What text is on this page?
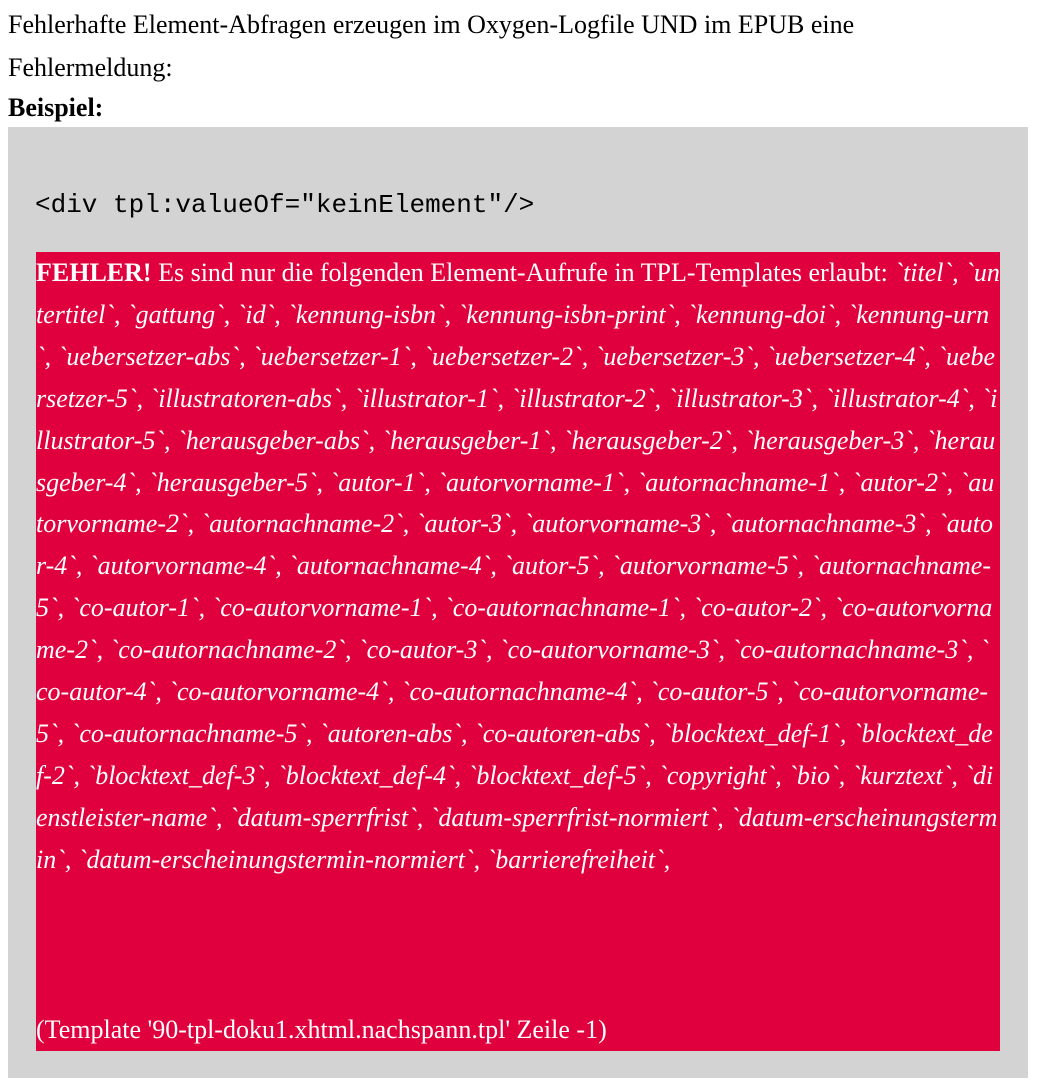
Fehlerhafte Element-Abfragen erzeugen im Oxygen-Logfile UND im EPUB eine Fehlermeldung:

Beispiel:

<div tpl:valueOf="keinElement"/>

FEHLER! Es sind nur die folgenden Element-Aufrufe in TPL-Templates erlaubt: `titel`, `untertitel`, `gattung`, `id`, `kennung-isbn`, `kennung-isbn-print`, `kennung-doi`, `kennung-urn`, `uebersetzer-abs`, `uebersetzer-1`, `uebersetzer-2`, `uebersetzer-3`, `uebersetzer-4`, `uebersetzer-5`, `illustratoren-abs`, `illustrator-1`, `illustrator-2`, `illustrator-3`, `illustrator-4`, `illustrator-5`, `herausgeber-abs`, `herausgeber-1`, `herausgeber-2`, `herausgeber-3`, `herausgeber-4`, `herausgeber-5`, `autor-1`, `autorvorname-1`, `autornachname-1`, `autor-2`, `autorvorname-2`, `autornachname-2`, `autor-3`, `autorvorname-3`, `autornachname-3`, `autor-4`, `autorvorname-4`, `autornachname-4`, `autor-5`, `autorvorname-5`, `autornachname-5`, `co-autor-1`, `co-autorvorname-1`, `co-autornachname-1`, `co-autor-2`, `co-autorvorname-2`, `co-autornachname-2`, `co-autor-3`, `co-autorvorname-3`, `co-autornachname-3`, `co-autor-4`, `co-autorvorname-4`, `co-autornachname-4`, `co-autor-5`, `co-autorvorname-5`, `co-autornachname-5`, `autoren-abs`, `co-autoren-abs`, `blocktext_def-1`, `blocktext_def-2`, `blocktext_def-3`, `blocktext_def-4`, `blocktext_def-5`, `copyright`, `bio`, `kurztext`, `dienstleister-name`, `datum-sperrfrist`, `datum-sperrfrist-normiert`, `datum-erscheinungstermin`, `datum-erscheinungstermin-normiert`, `barrierefreiheit`,

(Template '90-tpl-doku1.xhtml.nachspann.tpl' Zeile -1)
